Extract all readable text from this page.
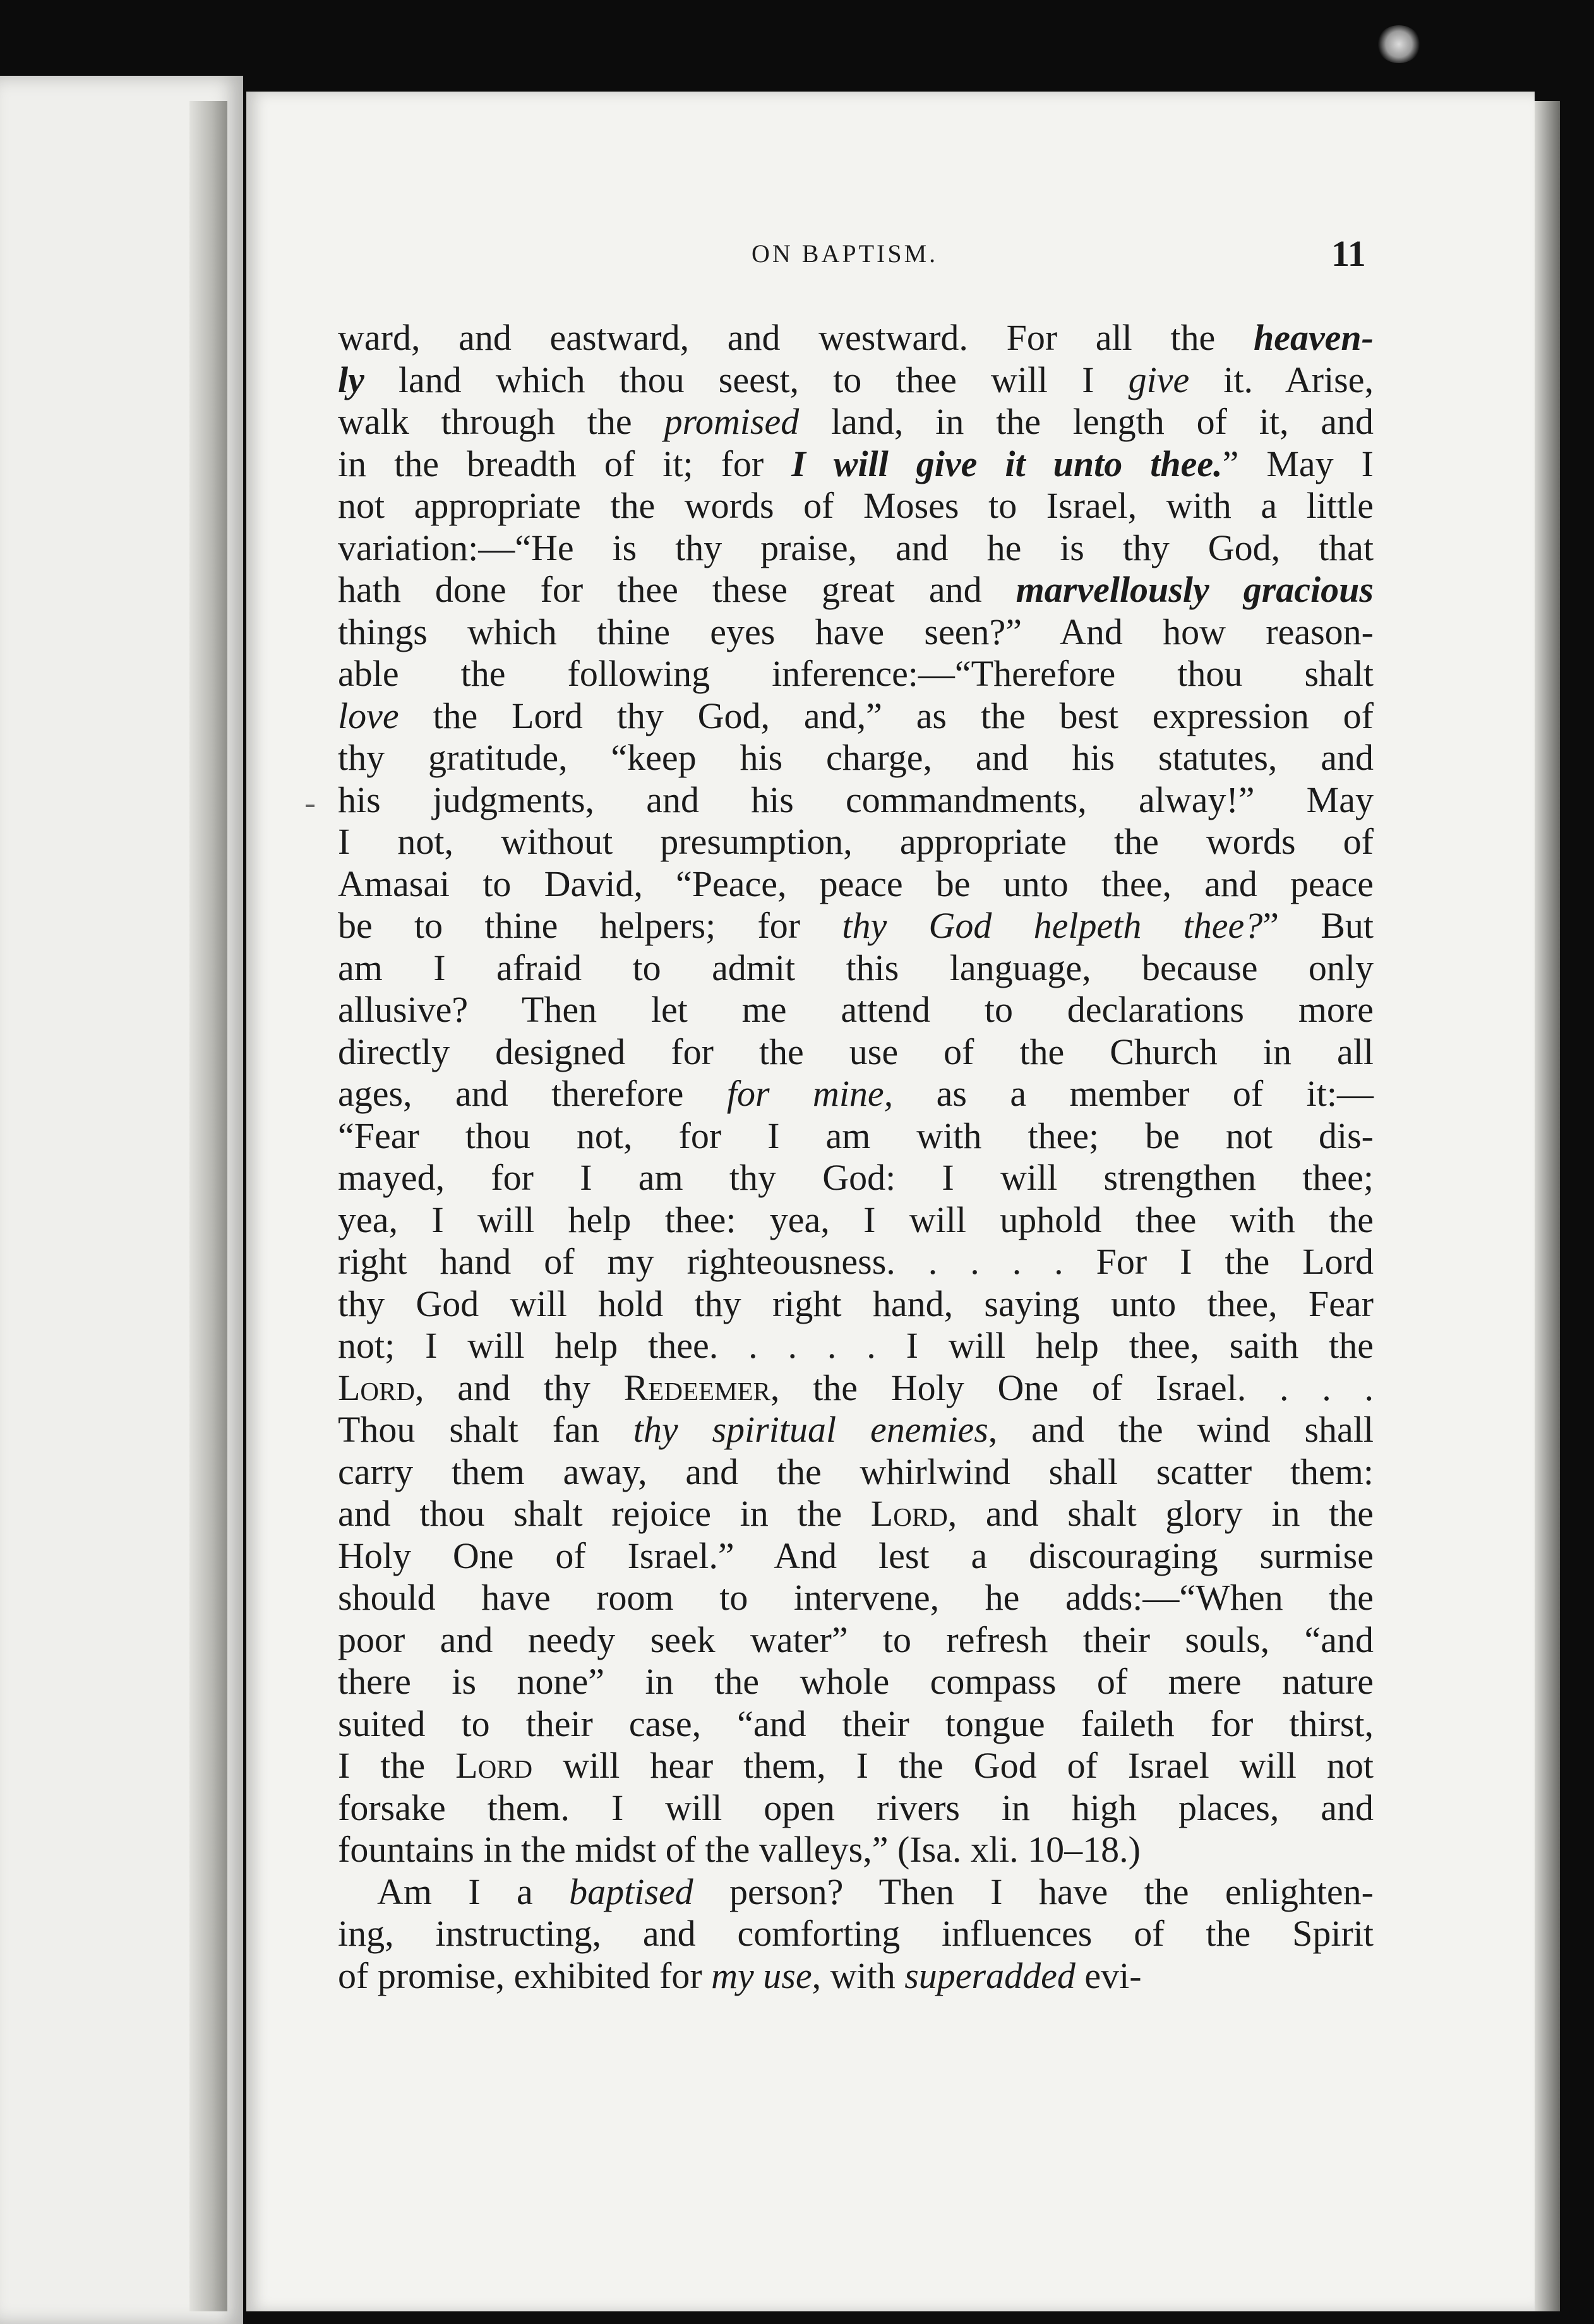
ON BAPTISM.	11
ward, and eastward, and westward. For all the heaven-
ly land which thou seest, to thee will I give it. Arise,
walk through the promised land, in the length of it, and
in the breadth of it; for I will give it unto thee.” May I
not appropriate the words of Moses to Israel, with a little
variation:—“He is thy praise, and he is thy God, that
hath done for thee these great and marvellously gracious
things which thine eyes have seen?” And how reason-
able the following inference:—“Therefore thou shalt
love the Lord thy God, and,” as the best expression of
thy gratitude, “keep his charge, and his statutes, and
his judgments, and his commandments, alway!” May
I not, without presumption, appropriate the words of
Amasai to David, “Peace, peace be unto thee, and peace
be to thine helpers; for thy God helpeth thee?” But
am I afraid to admit this language, because only
allusive? Then let me attend to declarations more
directly designed for the use of the Church in all
ages, and therefore for mine, as a member of it:—
“Fear thou not, for I am with thee; be not dis-
mayed, for I am thy God: I will strengthen thee;
yea, I will help thee: yea, I will uphold thee with the
right hand of my righteousness. . . . . For I the Lord
thy God will hold thy right hand, saying unto thee, Fear
not; I will help thee. . . . . I will help thee, saith the
Lord, and thy Redeemer, the Holy One of Israel. . . .
Thou shalt fan thy spiritual enemies, and the wind shall
carry them away, and the whirlwind shall scatter them:
and thou shalt rejoice in the Lord, and shalt glory in the
Holy One of Israel.” And lest a discouraging surmise
should have room to intervene, he adds:—“When the
poor and needy seek water” to refresh their souls, “and
there is none” in the whole compass of mere nature
suited to their case, “and their tongue faileth for thirst,
I the Lord will hear them, I the God of Israel will not
forsake them. I will open rivers in high places, and
fountains in the midst of the valleys,” (Isa. xli. 10–18.)
Am I a baptised person? Then I have the enlighten-
ing, instructing, and comforting influences of the Spirit
of promise, exhibited for my use, with superadded evi-
